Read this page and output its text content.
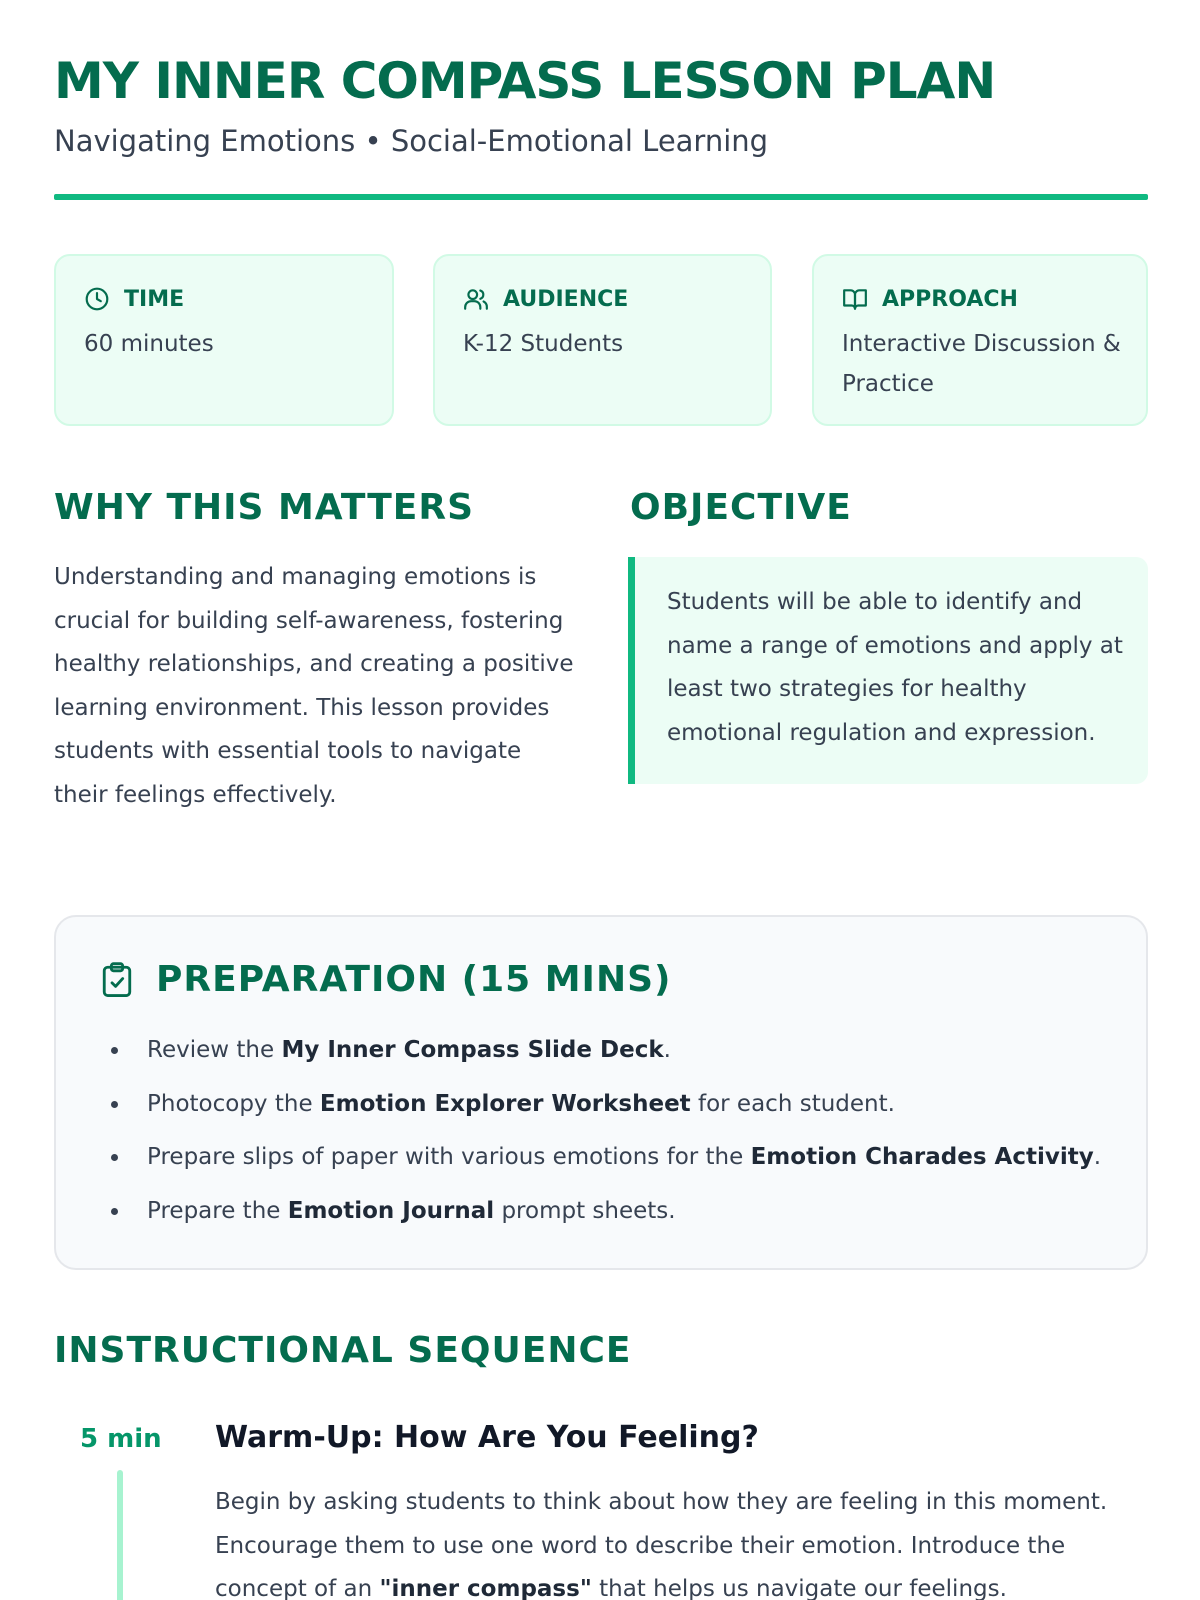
MY INNER COMPASS LESSON PLAN

Navigating Emotions • Social-Emotional Learning

TIME
60 minutes
AUDIENCE
K-12 Students
APPROACH
Interactive Discussion & Practice
WHY THIS MATTERS
Understanding and managing emotions is crucial for building self-awareness, fostering healthy relationships, and creating a positive learning environment. This lesson provides students with essential tools to navigate their feelings effectively.
OBJECTIVE
Students will be able to identify and name a range of emotions and apply at least two strategies for healthy emotional regulation and expression.
PREPARATION (15 MINS)
Review the My Inner Compass Slide Deck.
Photocopy the Emotion Explorer Worksheet for each student.
Prepare slips of paper with various emotions for the Emotion Charades Activity.
Prepare the Emotion Journal prompt sheets.
INSTRUCTIONAL SEQUENCE
5 min Warm-Up: How Are You Feeling?
Begin by asking students to think about how they are feeling in this moment. Encourage them to use one word to describe their emotion. Introduce the concept of an "inner compass" that helps us navigate our feelings.
